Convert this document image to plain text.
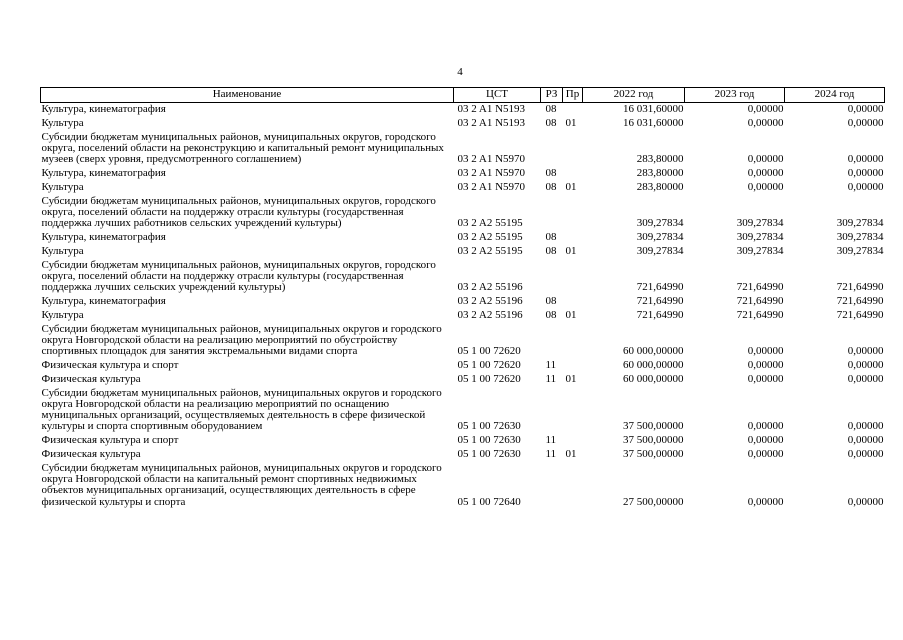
4
Наименование	ЦСТ	РЗ	Пр	2022 год	2023 год	2024 год
Культура, кинематография	03 2 A1 N5193	08		16 031,60000	0,00000	0,00000
Культура	03 2 A1 N5193	08	01	16 031,60000	0,00000	0,00000
Субсидии бюджетам муниципальных районов, муниципальных округов, городского округа, поселений области на реконструкцию и капитальный ремонт муниципальных музеев (сверх уровня, предусмотренного соглашением)	03 2 A1 N5970			283,80000	0,00000	0,00000
Культура, кинематография	03 2 A1 N5970	08		283,80000	0,00000	0,00000
Культура	03 2 A1 N5970	08	01	283,80000	0,00000	0,00000
Субсидии бюджетам муниципальных районов, муниципальных округов, городского округа, поселений области на поддержку отрасли культуры (государственная поддержка лучших работников сельских учреждений культуры)	03 2 A2 55195			309,27834	309,27834	309,27834
Культура, кинематография	03 2 A2 55195	08		309,27834	309,27834	309,27834
Культура	03 2 A2 55195	08	01	309,27834	309,27834	309,27834
Субсидии бюджетам муниципальных районов, муниципальных округов, городского округа, поселений области на поддержку отрасли культуры (государственная поддержка лучших сельских учреждений культуры)	03 2 A2 55196			721,64990	721,64990	721,64990
Культура, кинематография	03 2 A2 55196	08		721,64990	721,64990	721,64990
Культура	03 2 A2 55196	08	01	721,64990	721,64990	721,64990
Субсидии бюджетам муниципальных районов, муниципальных округов и городского округа Новгородской области на реализацию мероприятий по обустройству спортивных площадок для занятия экстремальными видами спорта	05 1 00 72620			60 000,00000	0,00000	0,00000
Физическая культура и спорт	05 1 00 72620	11		60 000,00000	0,00000	0,00000
Физическая культура	05 1 00 72620	11	01	60 000,00000	0,00000	0,00000
Субсидии бюджетам муниципальных районов, муниципальных округов и городского округа Новгородской области на реализацию мероприятий по оснащению муниципальных организаций, осуществляемых деятельность в сфере физической культуры и спорта спортивным оборудованием	05 1 00 72630			37 500,00000	0,00000	0,00000
Физическая культура и спорт	05 1 00 72630	11		37 500,00000	0,00000	0,00000
Физическая культура	05 1 00 72630	11	01	37 500,00000	0,00000	0,00000
Субсидии бюджетам муниципальных районов, муниципальных округов и городского округа Новгородской области на капитальный ремонт спортивных недвижимых объектов муниципальных организаций, осуществляющих деятельность в сфере физической культуры и спорта	05 1 00 72640			27 500,00000	0,00000	0,00000
